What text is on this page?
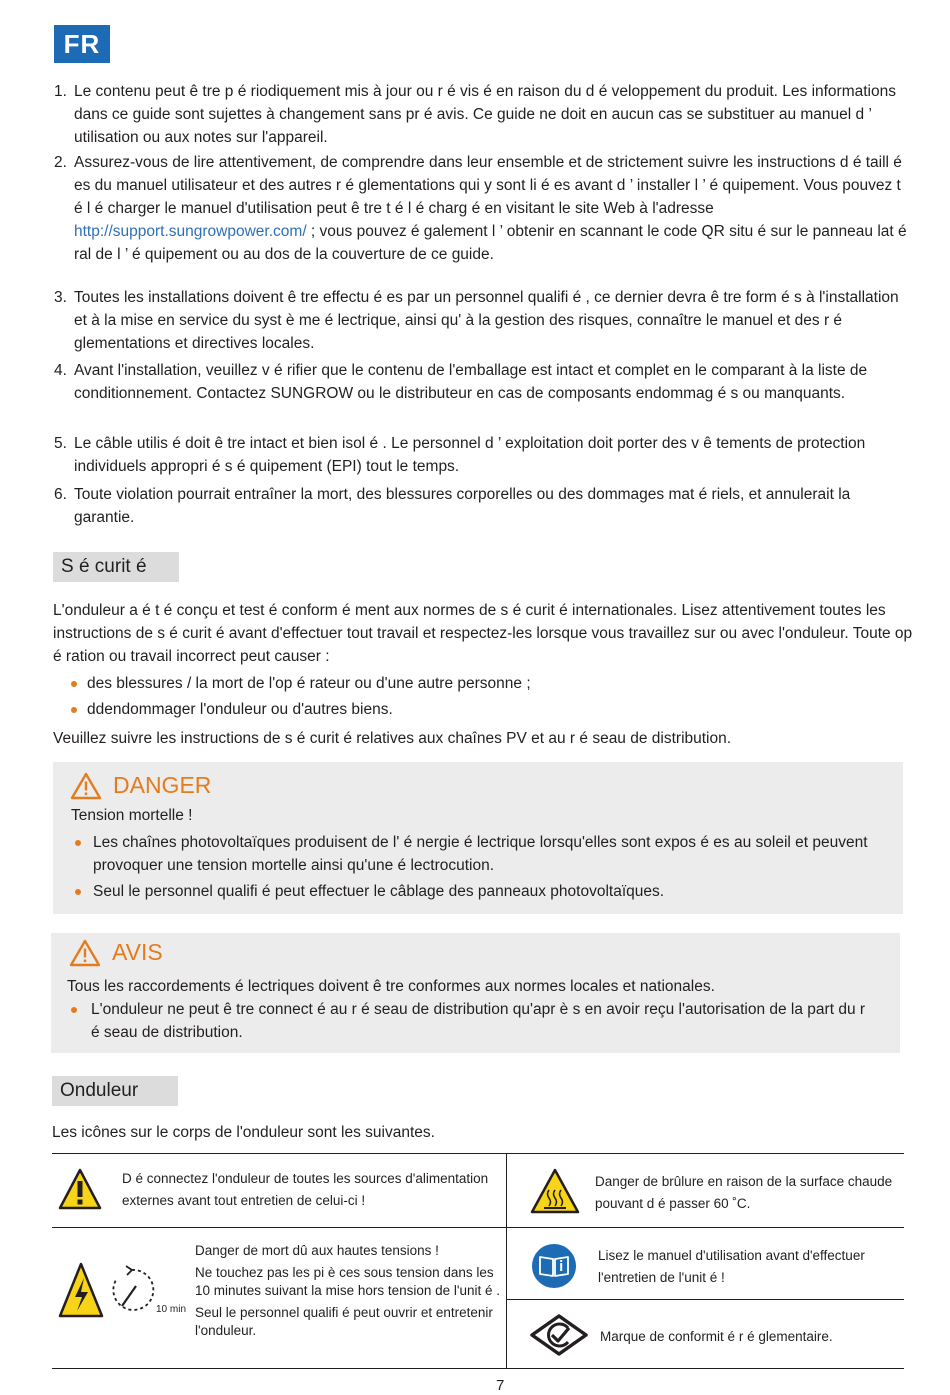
FR
1. Le contenu peut ê tre p é riodiquement mis à jour ou r é vis é en raison du d é veloppement du produit. Les informations dans ce guide sont sujettes à changement sans pr é avis. Ce guide ne doit en aucun cas se substituer au manuel d ’ utilisation ou aux notes sur l'appareil.
2. Assurez-vous de lire attentivement, de comprendre dans leur ensemble et de strictement suivre les instructions d é taill é es du manuel utilisateur et des autres r é glementations qui y sont li é es avant d ’ installer l ’ é quipement. Vous pouvez t é l é charger le manuel d'utilisation peut ê tre t é l é charg é en visitant le site Web à l'adresse http://support.sungrowpower.com/ ; vous pouvez é galement l ’ obtenir en scannant le code QR situ é sur le panneau lat é ral de l ’ é quipement ou au dos de la couverture de ce guide.
3. Toutes les installations doivent ê tre effectu é es par un personnel qualifi é , ce dernier devra ê tre form é s à l'installation et à la mise en service du syst è me é lectrique, ainsi qu' à la gestion des risques, connaître le manuel et des r é glementations et directives locales.
4. Avant l'installation, veuillez v é rifier que le contenu de l'emballage est intact et complet en le comparant à la liste de conditionnement. Contactez SUNGROW ou le distributeur en cas de composants endommag é s ou manquants.
5. Le câble utilis é doit ê tre intact et bien isol é . Le personnel d ’ exploitation doit porter des v ê tements de protection individuels appropri é s é quipement (EPI) tout le temps.
6. Toute violation pourrait entraîner la mort, des blessures corporelles ou des dommages mat é riels, et annulerait la garantie.
S é curit é
L'onduleur a é t é conçu et test é conform é ment aux normes de s é curit é internationales. Lisez attentivement toutes les instructions de s é curit é avant d'effectuer tout travail et respectez-les lorsque vous travaillez sur ou avec l'onduleur. Toute op é ration ou travail incorrect peut causer :
des blessures / la mort de l'op é rateur ou d'une autre personne ;
ddendommager l'onduleur ou d'autres biens.
Veuillez suivre les instructions de s é curit é relatives aux chaînes PV et au r é seau de distribution.
DANGER
Tension mortelle !
Les chaînes photovoltaïques produisent de l' é nergie é lectrique lorsqu'elles sont expos é es au soleil et peuvent provoquer une tension mortelle ainsi qu'une é lectrocution.
Seul le personnel qualifi é peut effectuer le câblage des panneaux photovoltaïques.
AVIS
Tous les raccordements é lectriques doivent ê tre conformes aux normes locales et nationales.
L'onduleur ne peut ê tre connect é au r é seau de distribution qu'apr è s en avoir reçu l'autorisation de la part du r é seau de distribution.
Onduleur
Les icônes sur le corps de l'onduleur sont les suivantes.
D é connectez l'onduleur de toutes les sources d'alimentation externes avant tout entretien de celui-ci !
Danger de brûlure en raison de la surface chaude pouvant d é passer 60 ˚C.
10 min
Danger de mort dû aux hautes tensions !
Ne touchez pas les pi è ces sous tension dans les 10 minutes suivant la mise hors tension de l'unit é .
Seul le personnel qualifi é peut ouvrir et entretenir l'onduleur.
Lisez le manuel d'utilisation avant d'effectuer l'entretien de l'unit é !
Marque de conformit é r é glementaire.
7
